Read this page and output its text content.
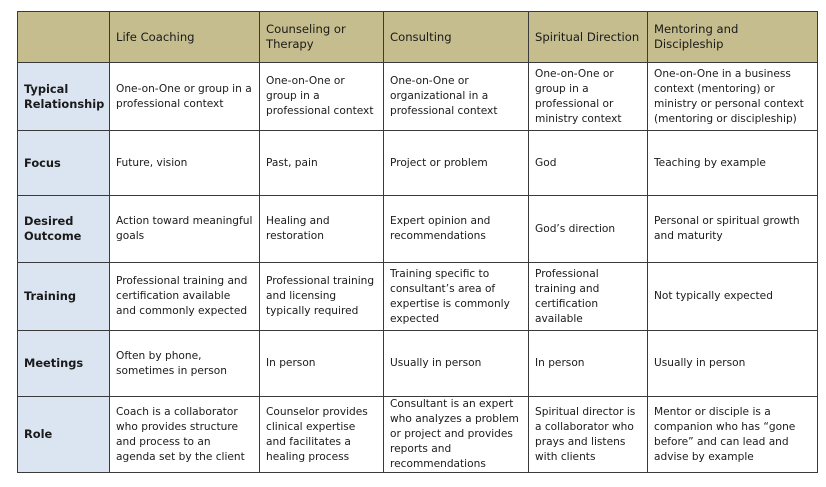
	Life Coaching	Counseling or Therapy	Consulting	Spiritual Direction	Mentoring and Discipleship
Typical Relationship	One-on-One or group in a professional context	One-on-One or group in a professional context	One-on-One or organizational in a professional context	One-on-One or group in a professional or ministry context	One-on-One in a business context (mentoring) or ministry or personal context (mentoring or discipleship)
Focus	Future, vision	Past, pain	Project or problem	God	Teaching by example
Desired Outcome	Action toward meaningful goals	Healing and restoration	Expert opinion and recommendations	God’s direction	Personal or spiritual growth and maturity
Training	Professional training and certification available and commonly expected	Professional training and licensing typically required	Training specific to consultant’s area of expertise is commonly expected	Professional training and certification available	Not typically expected
Meetings	Often by phone, sometimes in person	In person	Usually in person	In person	Usually in person
Role	Coach is a collaborator who provides structure and process to an agenda set by the client	Counselor provides clinical expertise and facilitates a healing process	Consultant is an expert who analyzes a problem or project and provides reports and recommendations	Spiritual director is a collaborator who prays and listens with clients	Mentor or disciple is a companion who has “gone before” and can lead and advise by example
